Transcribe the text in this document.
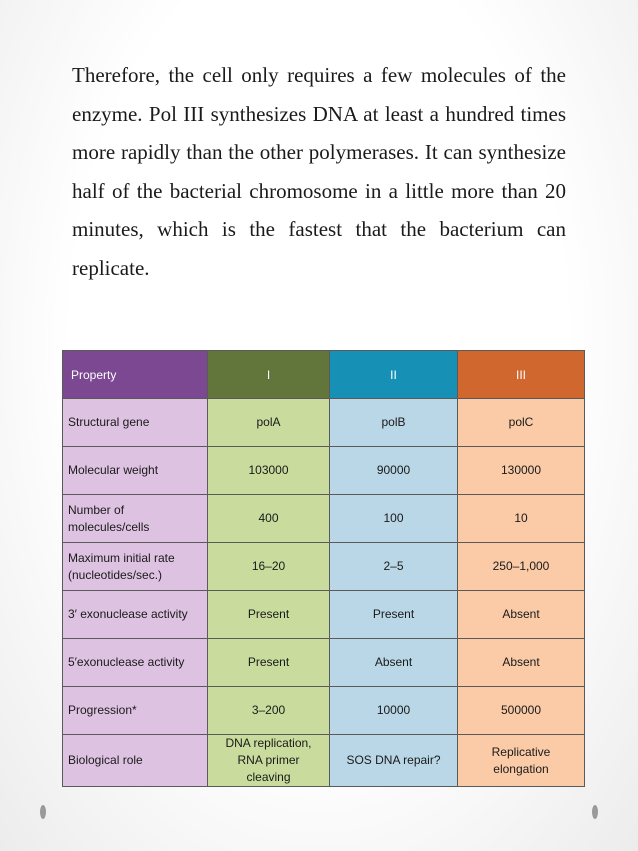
Therefore, the cell only requires a few molecules of the enzyme. Pol III synthesizes DNA at least a hundred times more rapidly than the other polymerases. It can synthesize half of the bacterial chromosome in a little more than 20 minutes, which is the fastest that the bacterium can replicate.

Property	I	II	III
Structural gene	polA	polB	polC
Molecular weight	103000	90000	130000
Number of molecules/cells	400	100	10
Maximum initial rate (nucleotides/sec.)	16–20	2–5	250–1,000
3′ exonuclease activity	Present	Present	Absent
5′exonuclease activity	Present	Absent	Absent
Progression*	3–200	10000	500000
Biological role	DNA replication, RNA primer cleaving	SOS DNA repair?	Replicative elongation
